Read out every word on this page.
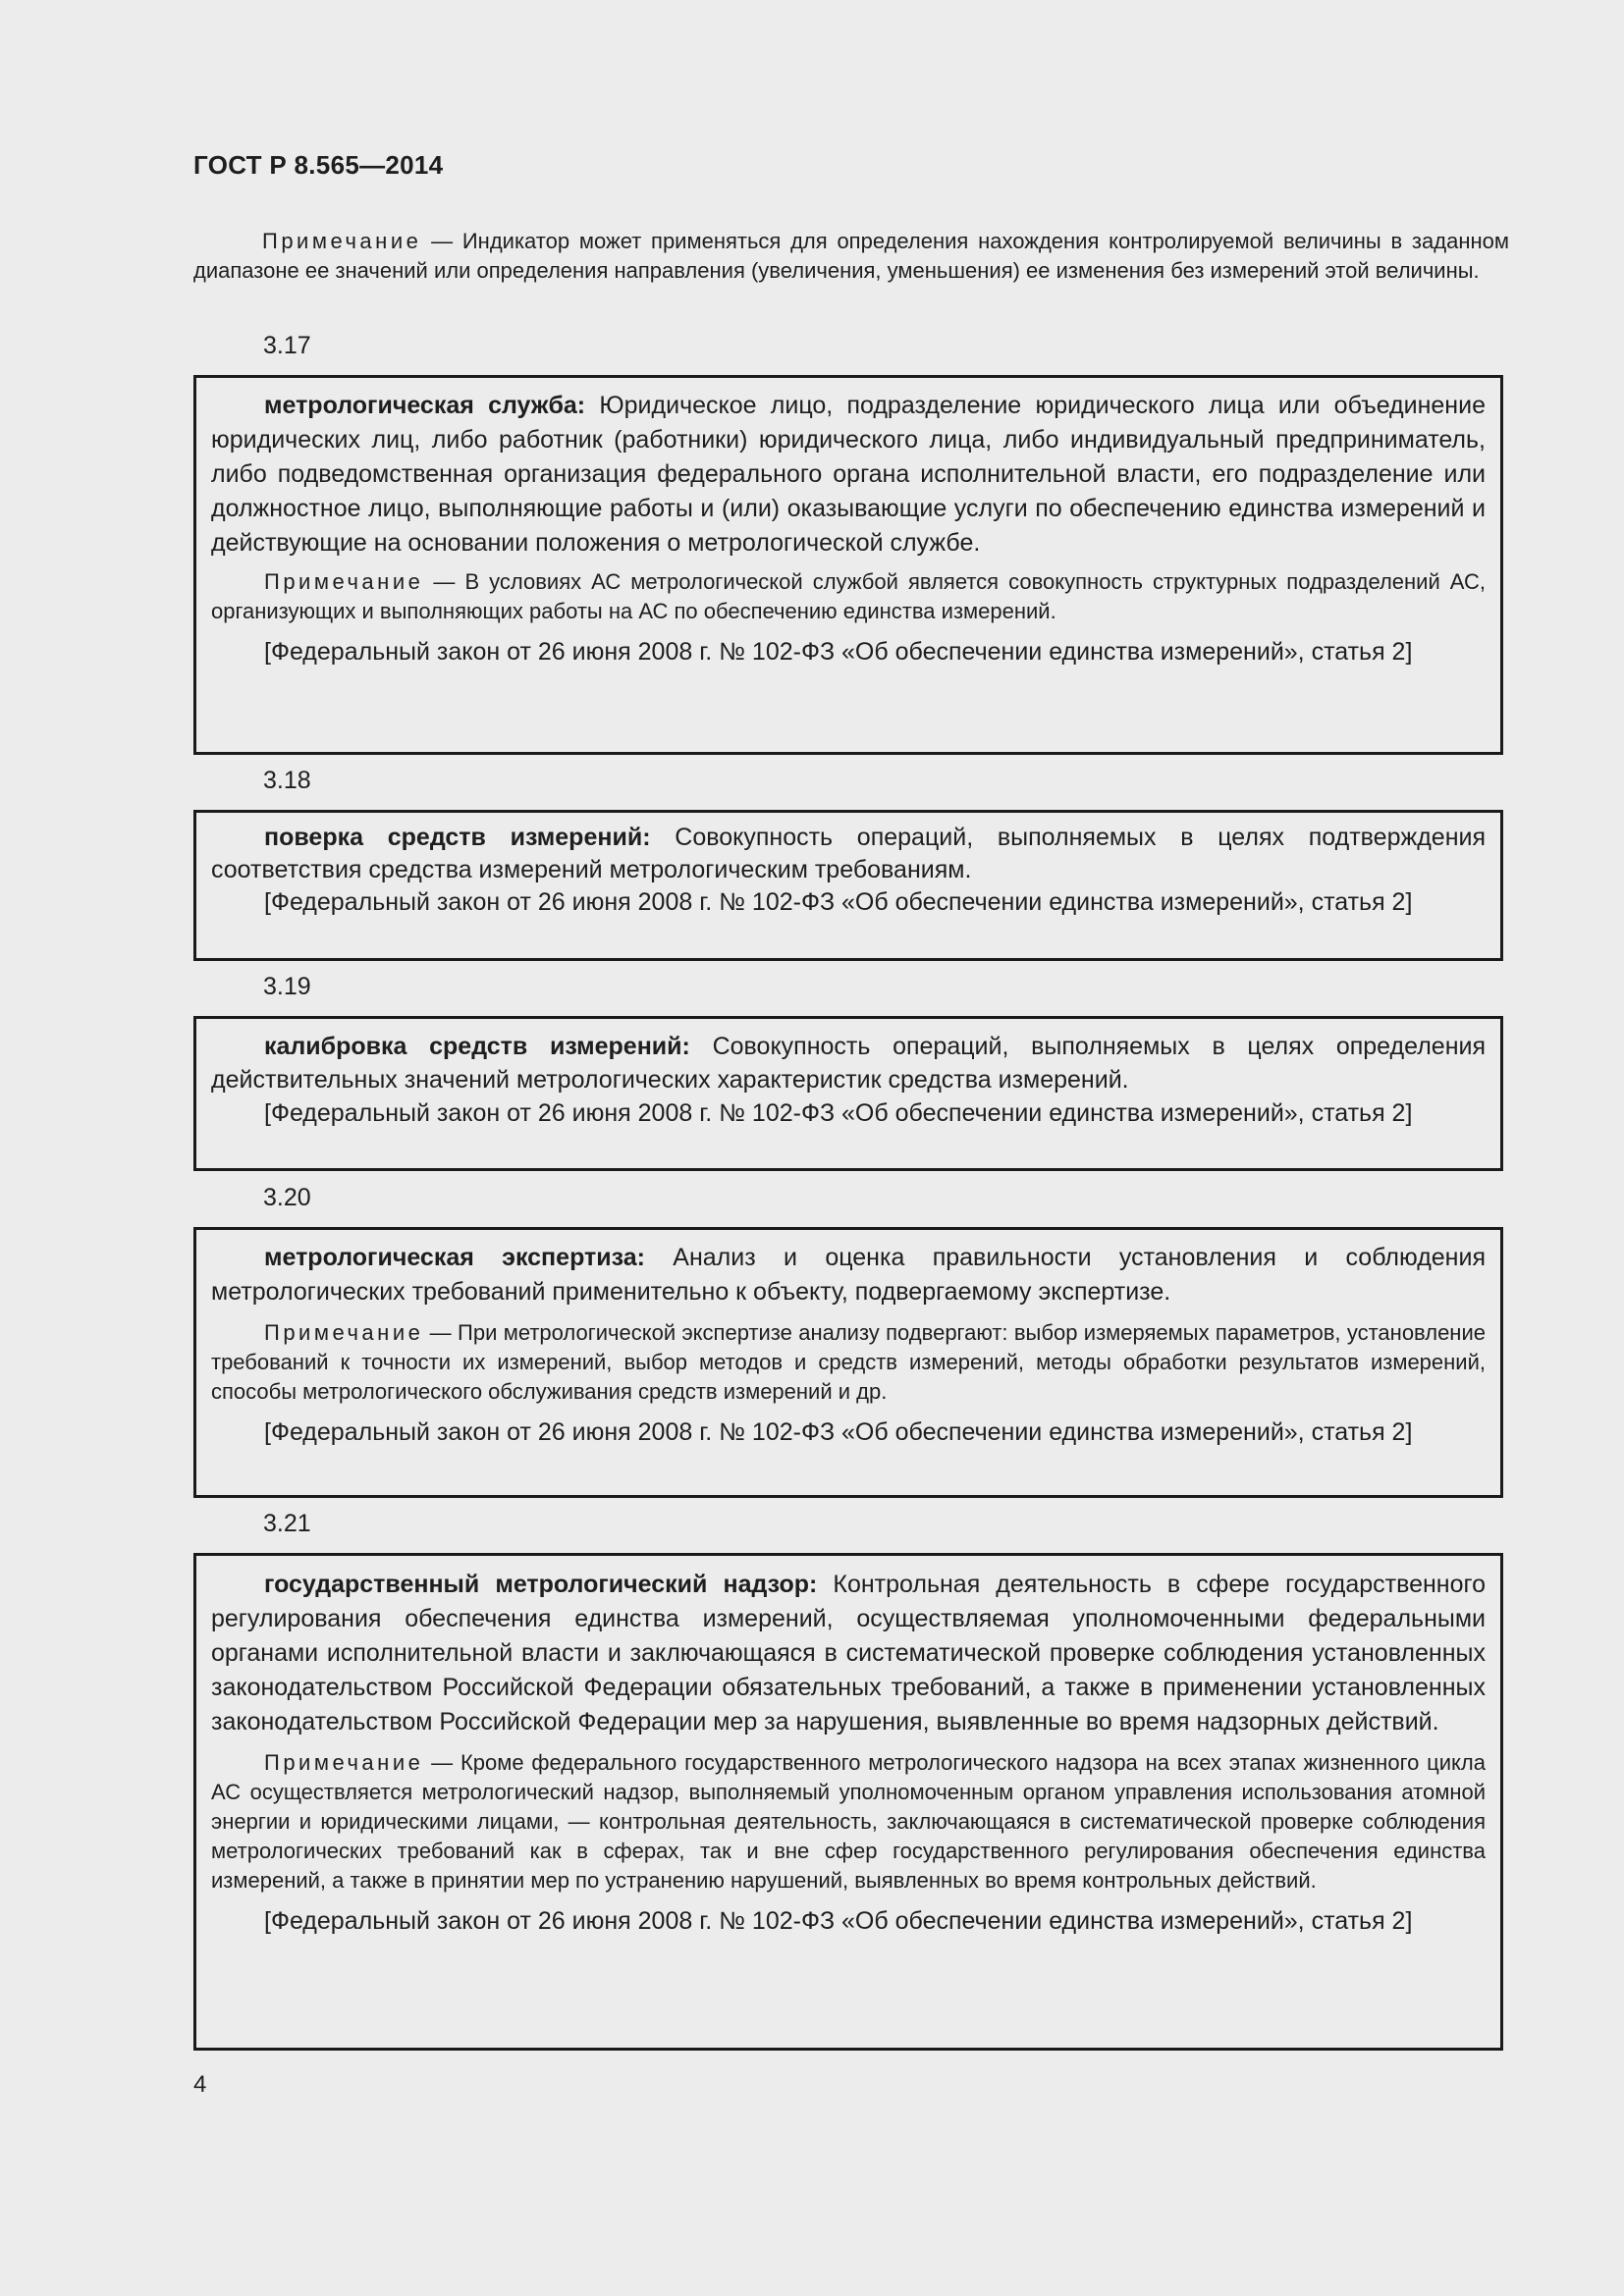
ГОСТ Р 8.565—2014
Примечание — Индикатор может применяться для определения нахождения контролируемой величины в заданном диапазоне ее значений или определения направления (увеличения, уменьшения) ее изменения без измерений этой величины.
3.17

метрологическая служба: Юридическое лицо, подразделение юридического лица или объединение юридических лиц, либо работник (работники) юридического лица, либо индивидуальный предприниматель, либо подведомственная организация федерального органа исполнительной власти, его подразделение или должностное лицо, выполняющие работы и (или) оказывающие услуги по обеспечению единства измерений и действующие на основании положения о метрологической службе.

Примечание — В условиях АС метрологической службой является совокупность структурных подразделений АС, организующих и выполняющих работы на АС по обеспечению единства измерений.

[Федеральный закон от 26 июня 2008 г. № 102-ФЗ «Об обеспечении единства измерений», статья 2]

3.18

поверка средств измерений: Совокупность операций, выполняемых в целях подтверждения соответствия средства измерений метрологическим требованиям.

[Федеральный закон от 26 июня 2008 г. № 102-ФЗ «Об обеспечении единства измерений», статья 2]

3.19

калибровка средств измерений: Совокупность операций, выполняемых в целях определения действительных значений метрологических характеристик средства измерений.

[Федеральный закон от 26 июня 2008 г. № 102-ФЗ «Об обеспечении единства измерений», статья 2]

3.20

метрологическая экспертиза: Анализ и оценка правильности установления и соблюдения метрологических требований применительно к объекту, подвергаемому экспертизе.

Примечание — При метрологической экспертизе анализу подвергают: выбор измеряемых параметров, установление требований к точности их измерений, выбор методов и средств измерений, методы обработки результатов измерений, способы метрологического обслуживания средств измерений и др.

[Федеральный закон от 26 июня 2008 г. № 102-ФЗ «Об обеспечении единства измерений», статья 2]

3.21

государственный метрологический надзор: Контрольная деятельность в сфере государственного регулирования обеспечения единства измерений, осуществляемая уполномоченными федеральными органами исполнительной власти и заключающаяся в систематической проверке соблюдения установленных законодательством Российской Федерации обязательных требований, а также в применении установленных законодательством Российской Федерации мер за нарушения, выявленные во время надзорных действий.

Примечание — Кроме федерального государственного метрологического надзора на всех этапах жизненного цикла АС осуществляется метрологический надзор, выполняемый уполномоченным органом управления использования атомной энергии и юридическими лицами, — контрольная деятельность, заключающаяся в систематической проверке соблюдения метрологических требований как в сферах, так и вне сфер государственного регулирования обеспечения единства измерений, а также в принятии мер по устранению нарушений, выявленных во время контрольных действий.

[Федеральный закон от 26 июня 2008 г. № 102-ФЗ «Об обеспечении единства измерений», статья 2]

4
